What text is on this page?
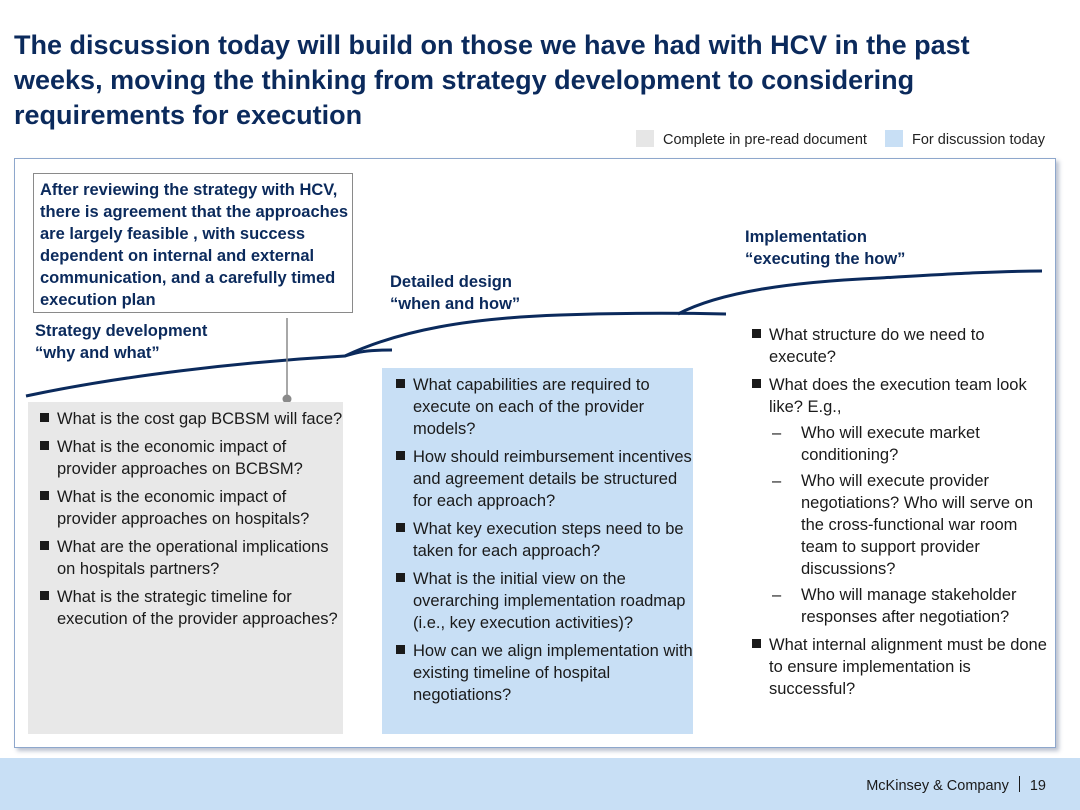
The discussion today will build on those we have had with HCV in the past weeks, moving the thinking from strategy development to considering requirements for execution
Complete in pre-read document	For discussion today
After reviewing the strategy with HCV, there is agreement that the approaches are largely feasible , with success dependent on internal and external communication, and a carefully timed execution plan
Strategy development
“why and what”
Detailed design
“when and how”
Implementation
“executing the how”
What is the cost gap BCBSM will face?
What is the economic impact of provider approaches on BCBSM?
What is the economic impact of provider approaches on hospitals?
What are the operational implications on hospitals partners?
What is the strategic timeline for execution of the provider approaches?
What capabilities are required to execute on each of the provider models?
How should reimbursement incentives and agreement details be structured for each approach?
What key execution steps need to be taken for each approach?
What is the initial view on the overarching implementation roadmap (i.e., key execution activities)?
How can we align implementation with existing timeline of hospital negotiations?
What structure do we need to execute?
What does the execution team look like? E.g.,
– Who will execute market conditioning?
– Who will execute provider negotiations? Who will serve on the cross-functional war room team to support provider discussions?
– Who will manage stakeholder responses after negotiation?
What internal alignment must be done to ensure implementation is successful?
McKinsey & Company 19
